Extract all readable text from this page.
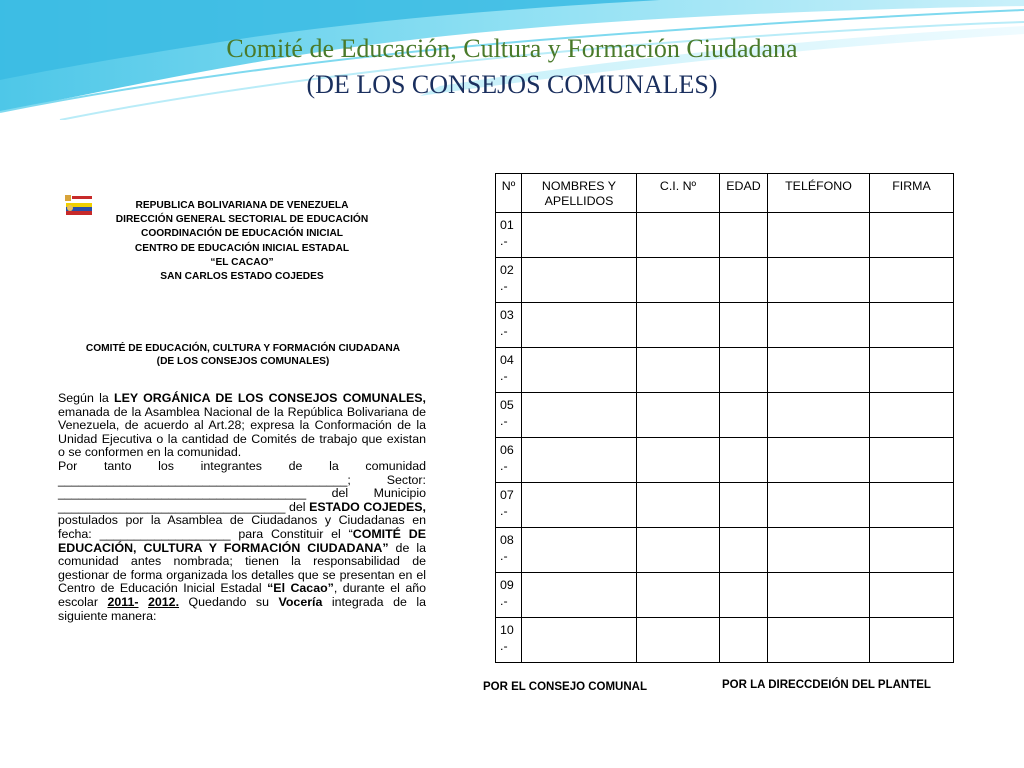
Comité de Educación, Cultura y Formación Ciudadana
(DE LOS CONSEJOS COMUNALES)
REPUBLICA BOLIVARIANA DE VENEZUELA
DIRECCIÓN GENERAL SECTORIAL DE EDUCACIÓN
COORDINACIÓN DE EDUCACIÓN INICIAL
CENTRO DE EDUCACIÓN INICIAL ESTADAL
“EL CACAO”
SAN CARLOS ESTADO COJEDES
COMITÉ DE EDUCACIÓN, CULTURA Y FORMACIÓN CIUDADANA
(DE LOS CONSEJOS COMUNALES)

Según la LEY ORGÁNICA DE LOS CONSEJOS COMUNALES, emanada de la Asamblea Nacional de la República Bolivariana de Venezuela, de acuerdo al Art.28; expresa la Conformación de la Unidad Ejecutiva o la cantidad de Comités de trabajo que existan o se conformen en la comunidad.

Por tanto los integrantes de la comunidad __________________________________________; Sector: ____________________________________ del Municipio _________________________________ del ESTADO COJEDES, postulados por la Asamblea de Ciudadanos y Ciudadanas en fecha: ___________________ para Constituir el “COMITÉ DE EDUCACIÓN, CULTURA Y FORMACIÓN CIUDADANA” de la comunidad antes nombrada; tienen la responsabilidad de gestionar de forma organizada los detalles que se presentan en el Centro de Educación Inicial Estadal “El Cacao”, durante el año escolar 2011- 2012. Quedando su Vocería integrada de la siguiente manera:

Nº	NOMBRES Y APELLIDOS	C.I. Nº	EDAD	TELÉFONO	FIRMA
01 .-					
02 .-					
03 .-					
04 .-					
05 .-					
06 .-					
07 .-					
08 .-					
09 .-					
10 .-					
POR EL CONSEJO COMUNAL	POR LA DIRECCDEIÓN DEL PLANTEL
